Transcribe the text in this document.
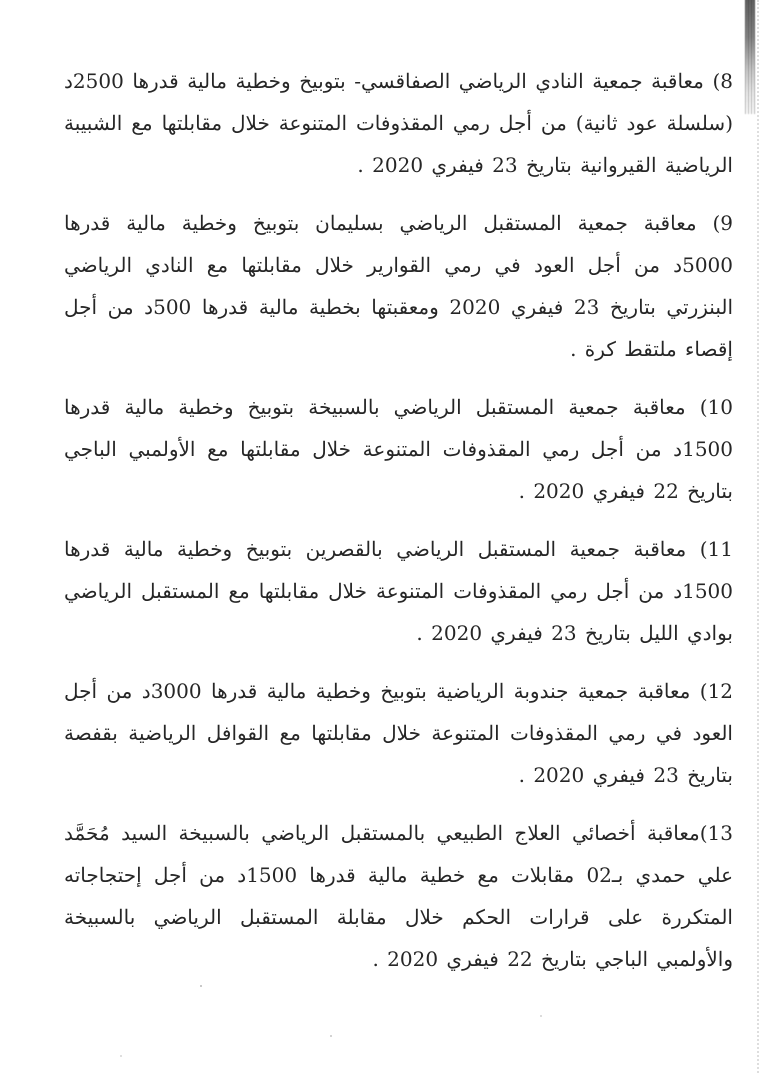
8) معاقبة جمعية النادي الرياضي الصفاقسي- بتوبيخ وخطية مالية قدرها 2500د (سلسلة عود ثانية) من أجل رمي المقذوفات المتنوعة خلال مقابلتها مع الشبيبة الرياضية القيروانية بتاريخ 23 فيفري 2020 .

9) معاقبة جمعية المستقبل الرياضي بسليمان بتوبيخ وخطية مالية قدرها 5000د من أجل العود في رمي القوارير خلال مقابلتها مع النادي الرياضي البنزرتي بتاريخ 23 فيفري 2020 ومعقبتها بخطية مالية قدرها 500د من أجل إقصاء ملتقط كرة .

10) معاقبة جمعية المستقبل الرياضي بالسبيخة بتوبيخ وخطية مالية قدرها 1500د من أجل رمي المقذوفات المتنوعة خلال مقابلتها مع الأولمبي الباجي بتاريخ 22 فيفري 2020 .

11) معاقبة جمعية المستقبل الرياضي بالقصرين بتوبيخ وخطية مالية قدرها 1500د من أجل رمي المقذوفات المتنوعة خلال مقابلتها مع المستقبل الرياضي بوادي الليل بتاريخ 23 فيفري 2020 .

12) معاقبة جمعية جندوبة الرياضية بتوبيخ وخطية مالية قدرها 3000د من أجل العود في رمي المقذوفات المتنوعة خلال مقابلتها مع القوافل الرياضية بقفصة بتاريخ 23 فيفري 2020 .

13)معاقبة أخصائي العلاج الطبيعي بالمستقبل الرياضي بالسبيخة السيد مُحَمَّد علي حمدي بـ02 مقابلات مع خطية مالية قدرها 1500د من أجل إحتجاجاته المتكررة على قرارات الحكم خلال مقابلة المستقبل الرياضي بالسبيخة والأولمبي الباجي بتاريخ 22 فيفري 2020 .
